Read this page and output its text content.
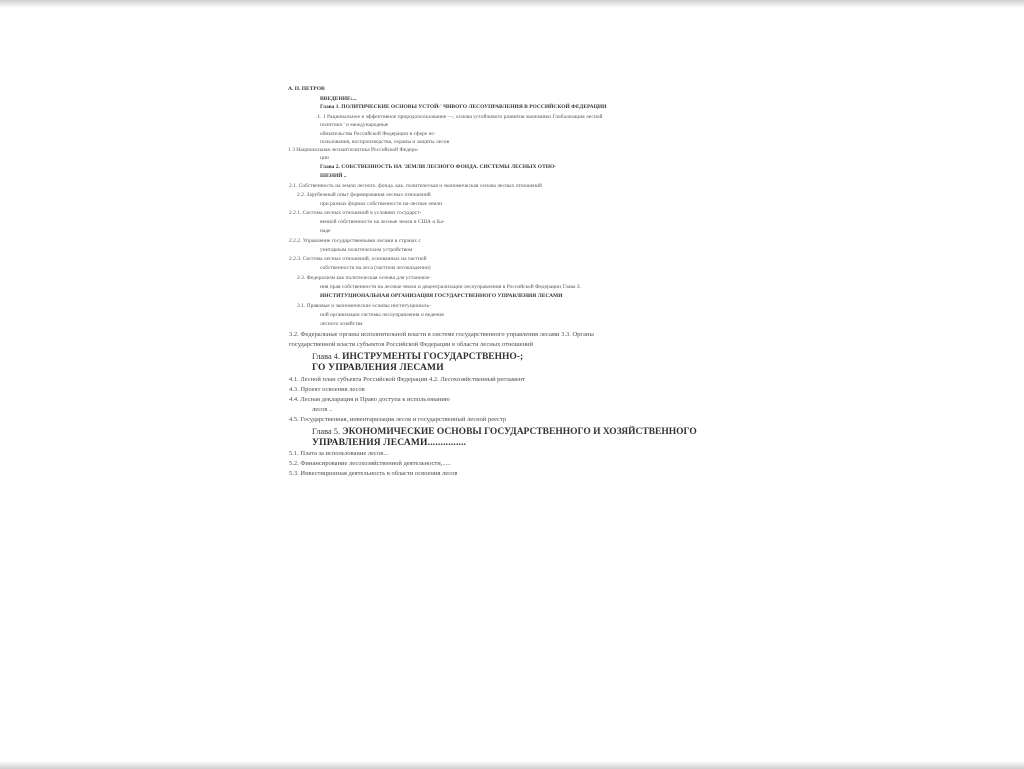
А. П. ПЕТРОВ
ВВЕДЕНИЕ:...
Глава 1. ПОЛИТИЧЕСКИЕ ОСНОВЫ УСТОЙ-' ЧИВОГО ЛЕСОУПРАВЛЕНИЯ В РОССИЙСКОЙ ФЕДЕРАЦИИ
.1. 1 Рациональное и эффективное природопользование —, основа устойчивого развития экономики Глобализация лесной
политики ' и международные
обязательства Российской Федерации в сфере ис-
пользования, воспроизводства, охраны и защиты лесов
1 3 Национальная лесная'политика Российской Федера-
ции
Глава 2. СОБСТВЕННОСТЬ НА 'ЗЕМЛИ ЛЕСНОГО ФОНДА. СИСТЕМЫ ЛЕСНЫХ ОТНО-
ШЕНИЙ ..
2.1. Собственность на земли лесного. фонда. как. политическая и экономическая основа лесных отношений
2.2. Зарубежный опыт формирования лесных отношений
при разных формах собственности на-лесные земли
2.2.1. Система лесных отношений в условиях государст-
венной собственности на лесные земли в США и Ка-
наде
2.2.2. Управление государственными лесами в странах с
унитарным политическим устройством
2.2.3. Система лесных отношений, основанных на частной
собственности на леса (частном лесовладении)
2.3. Федерализм как политическая основа для установле-
ния прав собственности на лесные земли и децентрализации лесоуправления в Российской Федерации Глава 3.
ИНСТИТУЦИОНАЛЬНАЯ ОРГАНИЗАЦИЯ ГОСУДАРСТВЕННОГО УПРАВЛЕНИЯ ЛЕСАМИ
3.1. Правовые и экономические основы институциональ-
ной организации системы лесоуправления и ведения
лесного хозяйства
3.2. Федеральные органы исполнительной власти в системе государственного управления лесами 3.3. Органы
государственной власти субъектов Российской Федерации в области лесных отношений
Глава 4. ИНСТРУМЕНТЫ ГОСУДАРСТВЕННО-;
ГО УПРАВЛЕНИЯ ЛЕСАМИ
4.1. Лесной план субъекта Российской Федерации 4.2. Лесохозяйственный регламент
4.3. Проект освоения лесов
4.4. Лесная декларация и Право доступа к использованию
лесов ..
4.5. Государственная, инвентаризация лесов и государственный лесной реестр
Глава 5. ЭКОНОМИЧЕСКИЕ ОСНОВЫ ГОСУДАРСТВЕННОГО И ХОЗЯЙСТВЕННОГО
УПРАВЛЕНИЯ ЛЕСАМИ...............
5.1. Плата за использование лесов...
5.2. Финансирование лесохозяйственной деятельности,.....
5.3. Инвестиционная деятельность в области освоения лесов
